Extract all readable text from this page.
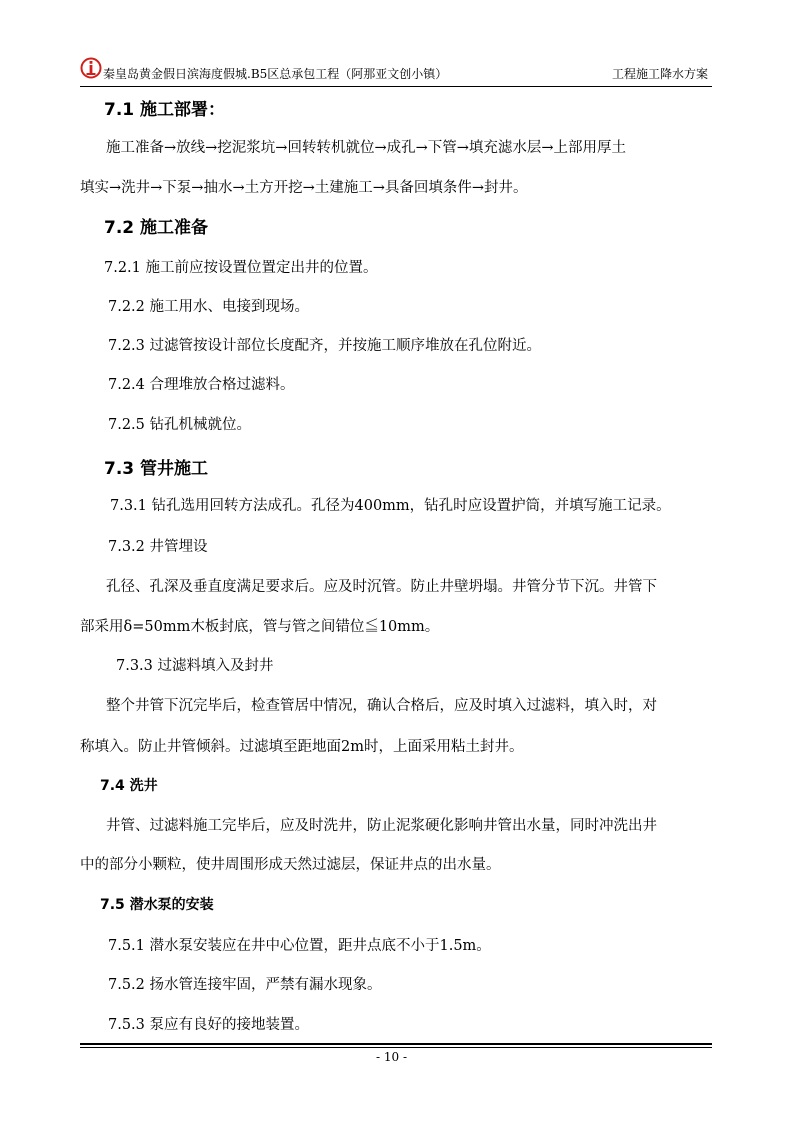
秦皇岛黄金假日滨海度假城.B5区总承包工程（阿那亚文创小镇）	工程施工降水方案
7.1 施工部署：
施工准备→放线→挖泥浆坑→回转转机就位→成孔→下管→填充滤水层→上部用厚土
填实→洗井→下泵→抽水→土方开挖→土建施工→具备回填条件→封井。
7.2 施工准备
7.2.1 施工前应按设置位置定出井的位置。
7.2.2 施工用水、电接到现场。
7.2.3 过滤管按设计部位长度配齐，并按施工顺序堆放在孔位附近。
7.2.4 合理堆放合格过滤料。
7.2.5 钻孔机械就位。
7.3 管井施工
7.3.1 钻孔选用回转方法成孔。孔径为400mm，钻孔时应设置护筒，并填写施工记录。
7.3.2 井管埋设
孔径、孔深及垂直度满足要求后。应及时沉管。防止井壁坍塌。井管分节下沉。井管下
部采用δ=50mm木板封底，管与管之间错位≦10mm。
7.3.3 过滤料填入及封井
整个井管下沉完毕后，检查管居中情况，确认合格后，应及时填入过滤料，填入时，对
称填入。防止井管倾斜。过滤填至距地面2m时，上面采用粘土封井。
7.4 洗井
井管、过滤料施工完毕后，应及时洗井，防止泥浆硬化影响井管出水量，同时冲洗出井
中的部分小颗粒，使井周围形成天然过滤层，保证井点的出水量。
7.5 潜水泵的安装
7.5.1 潜水泵安装应在井中心位置，距井点底不小于1.5m。
7.5.2 扬水管连接牢固，严禁有漏水现象。
7.5.3 泵应有良好的接地装置。
- 10 -
